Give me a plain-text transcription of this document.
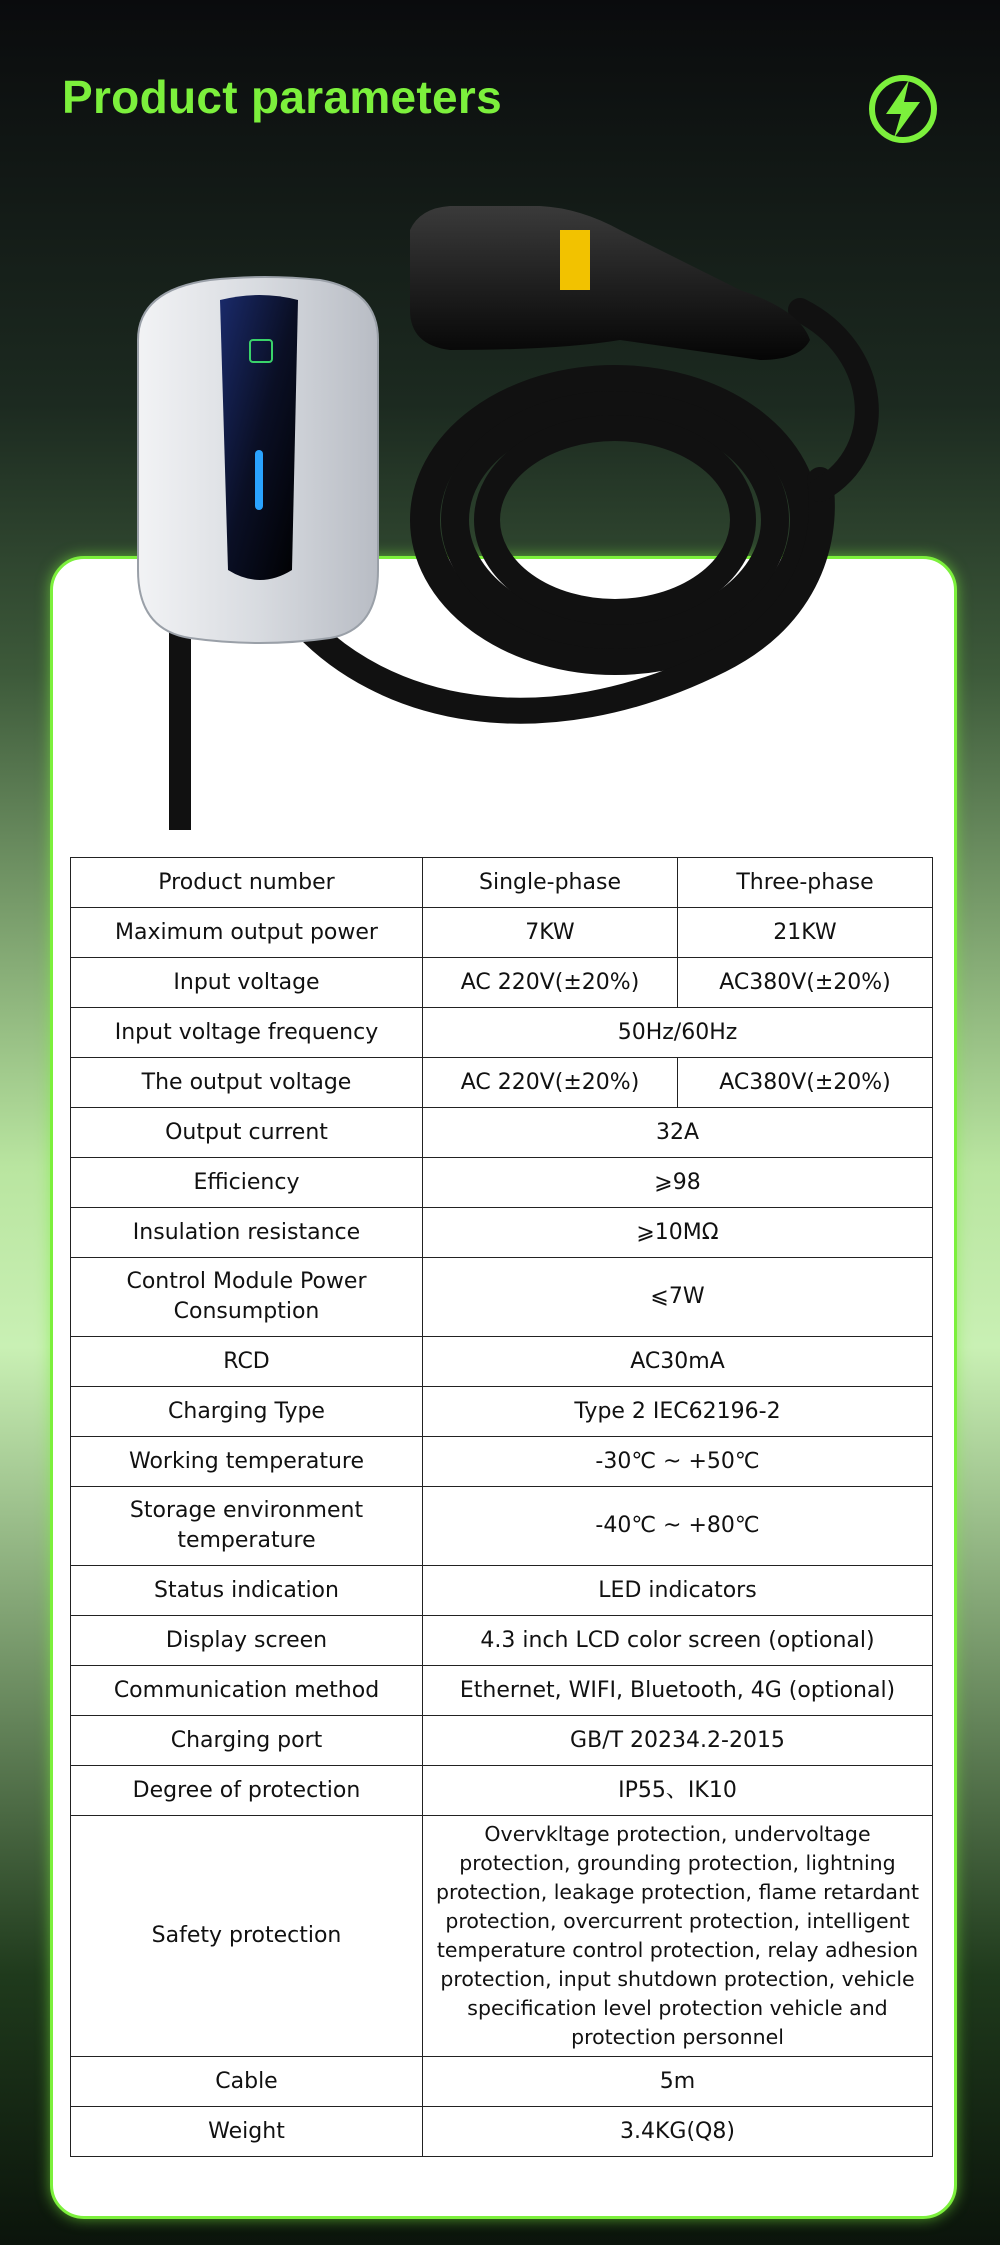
Product parameters
Product number	Single-phase	Three-phase
Maximum output power	7KW	21KW
Input voltage	AC 220V(±20%)	AC380V(±20%)
Input voltage frequency	50Hz/60Hz	
The output voltage	AC 220V(±20%)	AC380V(±20%)
Output current	32A	
Efficiency	⩾98	
Insulation resistance	⩾10MΩ	
Control Module Power Consumption	⩽7W	
RCD	AC30mA	
Charging Type	Type 2 IEC62196-2	
Working temperature	-30℃ ~ +50℃	
Storage environment temperature	-40℃ ~ +80℃	
Status indication	LED indicators	
Display screen	4.3 inch LCD color screen (optional)	
Communication method	Ethernet, WIFI, Bluetooth, 4G (optional)	
Charging port	GB/T 20234.2-2015	
Degree of protection	IP55、IK10	
Safety protection	Overvkltage protection, undervoltage protection, grounding protection, lightning protection, leakage protection, flame retardant protection, overcurrent protection, intelligent temperature control protection, relay adhesion protection, input shutdown protection, vehicle specification level protection vehicle and protection personnel	
Cable	5m	
Weight	3.4KG(Q8)	
